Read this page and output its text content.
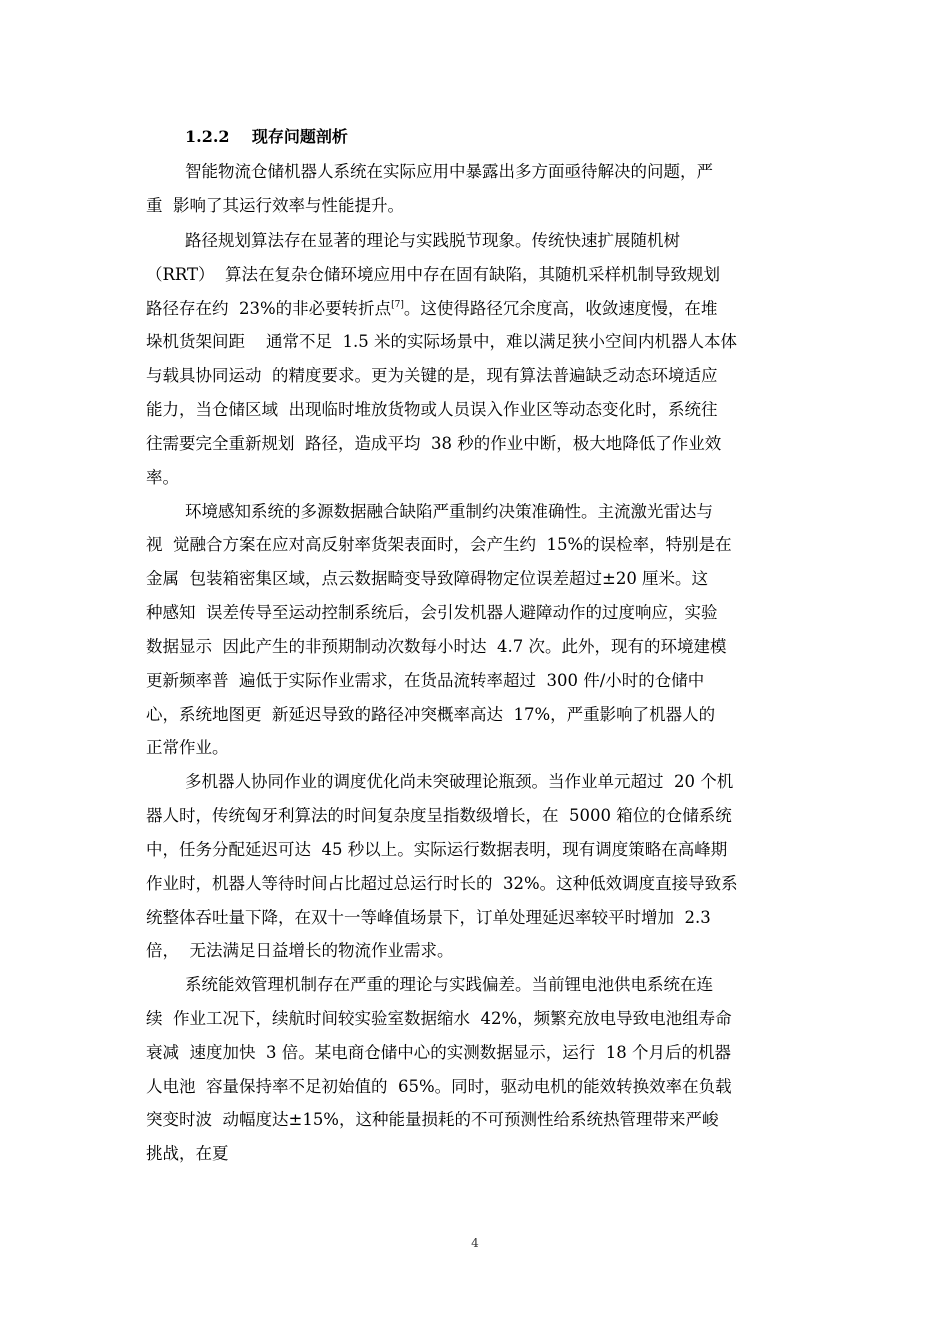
1.2.2 现存问题剖析
智能物流仓储机器人系统在实际应用中暴露出多方面亟待解决的问题，严
重  影响了其运行效率与性能提升。
路径规划算法存在显著的理论与实践脱节现象。传统快速扩展随机树
（RRT）  算法在复杂仓储环境应用中存在固有缺陷，其随机采样机制导致规划
路径存在约  23%的非必要转折点[7]。这使得路径冗余度高，收敛速度慢，在堆
垛机货架间距    通常不足  1.5 米的实际场景中，难以满足狭小空间内机器人本体
与载具协同运动  的精度要求。更为关键的是，现有算法普遍缺乏动态环境适应
能力，当仓储区域  出现临时堆放货物或人员误入作业区等动态变化时，系统往
往需要完全重新规划  路径，造成平均  38 秒的作业中断，极大地降低了作业效
率。
环境感知系统的多源数据融合缺陷严重制约决策准确性。主流激光雷达与
视  觉融合方案在应对高反射率货架表面时，会产生约  15%的误检率，特别是在
金属  包装箱密集区域，点云数据畸变导致障碍物定位误差超过±20 厘米。这
种感知  误差传导至运动控制系统后，会引发机器人避障动作的过度响应，实验
数据显示  因此产生的非预期制动次数每小时达  4.7 次。此外，现有的环境建模
更新频率普  遍低于实际作业需求，在货品流转率超过  300 件/小时的仓储中
心，系统地图更  新延迟导致的路径冲突概率高达  17%，严重影响了机器人的
正常作业。
多机器人协同作业的调度优化尚未突破理论瓶颈。当作业单元超过  20 个机
器人时，传统匈牙利算法的时间复杂度呈指数级增长，在  5000 箱位的仓储系统
中，任务分配延迟可达  45 秒以上。实际运行数据表明，现有调度策略在高峰期
作业时，机器人等待时间占比超过总运行时长的  32%。这种低效调度直接导致系
统整体吞吐量下降，在双十一等峰值场景下，订单处理延迟率较平时增加  2.3
倍，  无法满足日益增长的物流作业需求。
系统能效管理机制存在严重的理论与实践偏差。当前锂电池供电系统在连
续  作业工况下，续航时间较实验室数据缩水  42%，频繁充放电导致电池组寿命
衰减  速度加快  3 倍。某电商仓储中心的实测数据显示，运行  18 个月后的机器
人电池  容量保持率不足初始值的  65%。同时，驱动电机的能效转换效率在负载
突变时波  动幅度达±15%，这种能量损耗的不可预测性给系统热管理带来严峻
挑战，在夏
4
